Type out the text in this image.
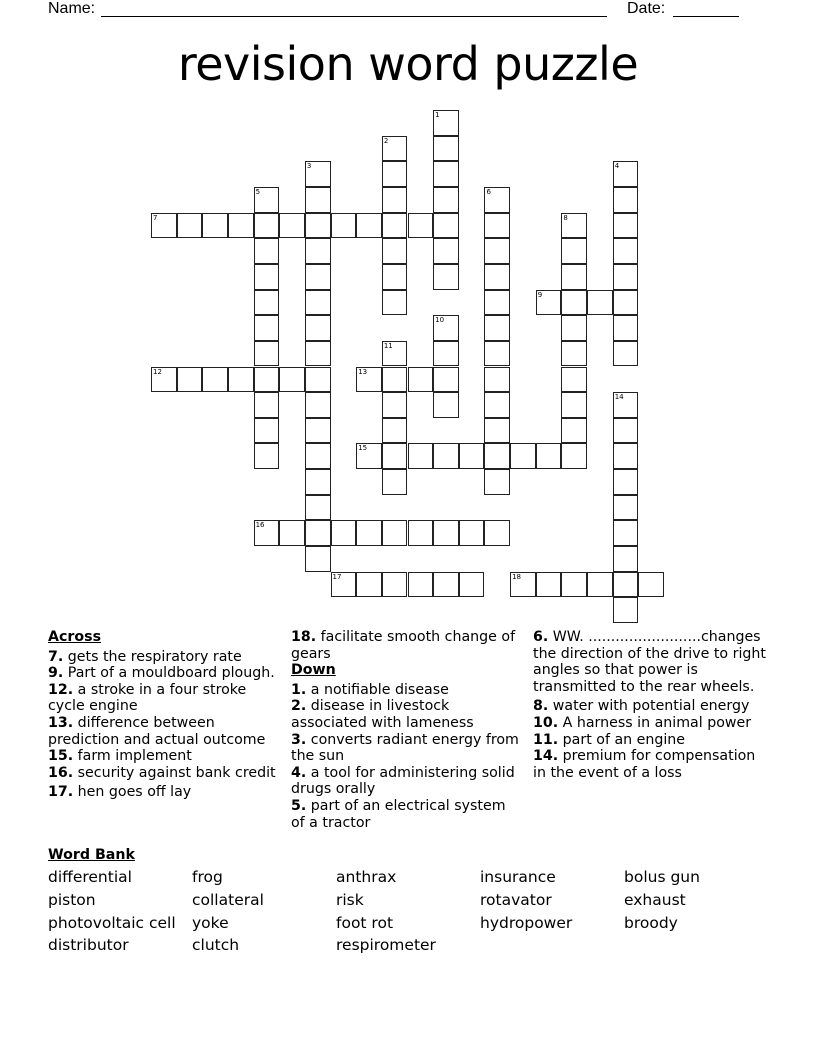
Name:	Date:
revision word puzzle
1
2
3	4
5	6
7	8
9
10
11
12	13
14
15
16
17	18
Across

7. gets the respiratory rate

9. Part of a mouldboard plough.

12. a stroke in a four stroke cycle engine

13. difference between prediction and actual outcome

15. farm implement

16. security against bank credit

17. hen goes off lay

18. facilitate smooth change of gears

Down

1. a notifiable disease

2. disease in livestock associated with lameness

3. converts radiant energy from the sun

4. a tool for administering solid drugs orally

5. part of an electrical system of a tractor

6. WW. .........................changes the direction of the drive to right angles so that power is transmitted to the rear wheels.

8. water with potential energy

10. A harness in animal power

11. part of an engine

14. premium for compensation in the event of a loss

Word Bank
differential
piston
photovoltaic cell
distributor
frog
collateral
yoke
clutch
anthrax
risk
foot rot
respirometer
insurance
rotavator
hydropower
bolus gun
exhaust
broody
